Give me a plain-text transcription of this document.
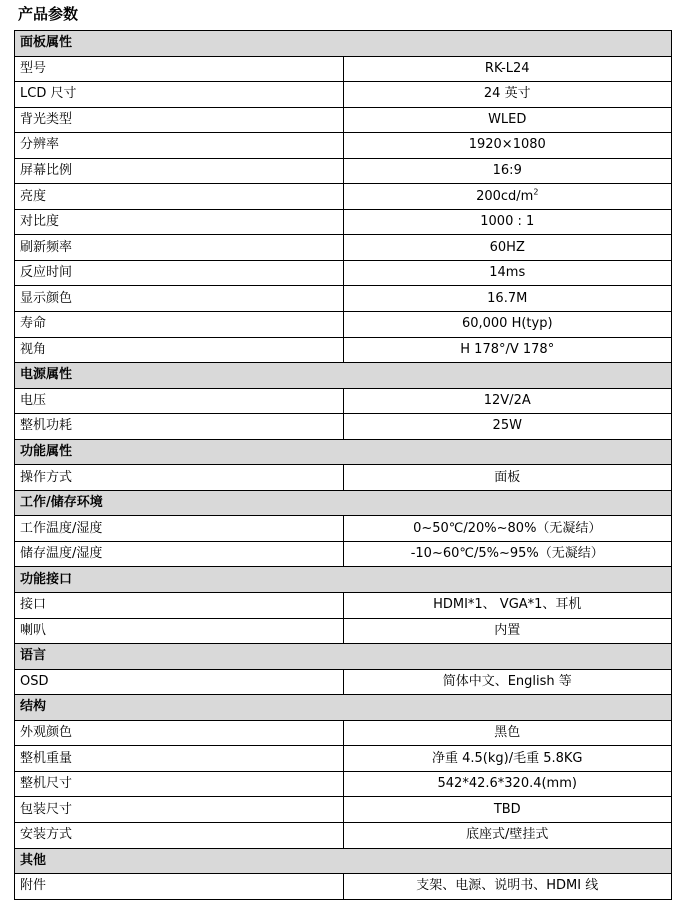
产品参数
面板属性	
型号	RK-L24
LCD 尺寸	24 英寸
背光类型	WLED
分辨率	1920×1080
屏幕比例	16:9
亮度	$200cd/m^2$
对比度	1000 : 1
刷新频率	60HZ
反应时间	14ms
显示颜色	16.7M
寿命	60,000 H(typ)
视角	H 178°/V 178°
电源属性	
电压	12V/2A
整机功耗	25W
功能属性	
操作方式	面板
工作/储存环境	
工作温度/湿度	0~50℃/20%~80%（无凝结）
储存温度/湿度	-10~60℃/5%~95%（无凝结）
功能接口	
接口	HDMI*1、 VGA*1、耳机
喇叭	内置
语言	
OSD	简体中文、English 等
结构	
外观颜色	黑色
整机重量	净重 4.5(kg)/毛重 5.8KG
整机尺寸	542*42.6*320.4(mm)
包装尺寸	TBD
安装方式	底座式/壁挂式
其他	
附件	支架、电源、说明书、HDMI 线
